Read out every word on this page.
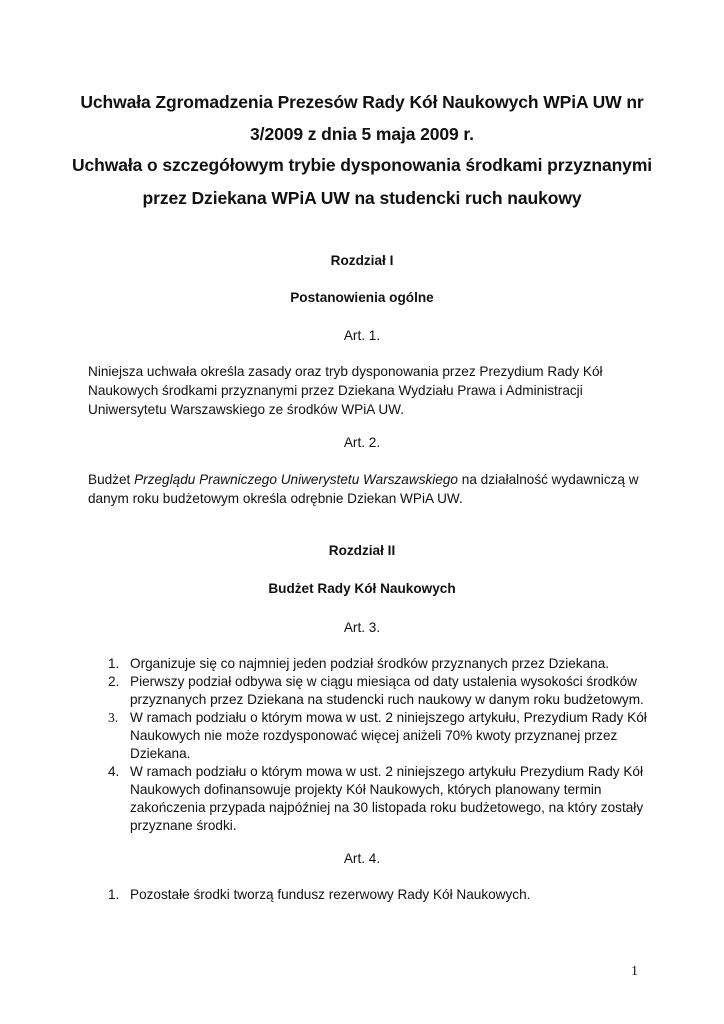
Uchwała Zgromadzenia Prezesów Rady Kół Naukowych WPiA UW nr
3/2009 z dnia 5 maja 2009 r.
Uchwała o szczegółowym trybie dysponowania środkami przyznanymi
przez Dziekana WPiA UW na studencki ruch naukowy
Rozdział I
Postanowienia ogólne
Art. 1.
Niniejsza uchwała określa zasady oraz tryb dysponowania przez Prezydium Rady Kół Naukowych środkami przyznanymi przez Dziekana Wydziału Prawa i Administracji Uniwersytetu Warszawskiego ze środków WPiA UW.
Art. 2.
Budżet Przeglądu Prawniczego Uniwerystetu Warszawskiego na działalność wydawniczą w danym roku budżetowym określa odrębnie Dziekan WPiA UW.
Rozdział II
Budżet Rady Kół Naukowych
Art. 3.
1. Organizuje się co najmniej jeden podział środków przyznanych przez Dziekana.
2. Pierwszy podział odbywa się w ciągu miesiąca od daty ustalenia wysokości środków przyznanych przez Dziekana na studencki ruch naukowy w danym roku budżetowym.
3. W ramach podziału o którym mowa w ust. 2 niniejszego artykułu, Prezydium Rady Kół Naukowych nie może rozdysponować więcej aniżeli 70% kwoty przyznanej przez Dziekana.
4. W ramach podziału o którym mowa w ust. 2 niniejszego artykułu Prezydium Rady Kół Naukowych dofinansowuje projekty Kół Naukowych, których planowany termin zakończenia przypada najpóźniej na 30 listopada roku budżetowego, na który zostały przyznane środki.
Art. 4.
1. Pozostałe środki tworzą fundusz rezerwowy Rady Kół Naukowych.
1
